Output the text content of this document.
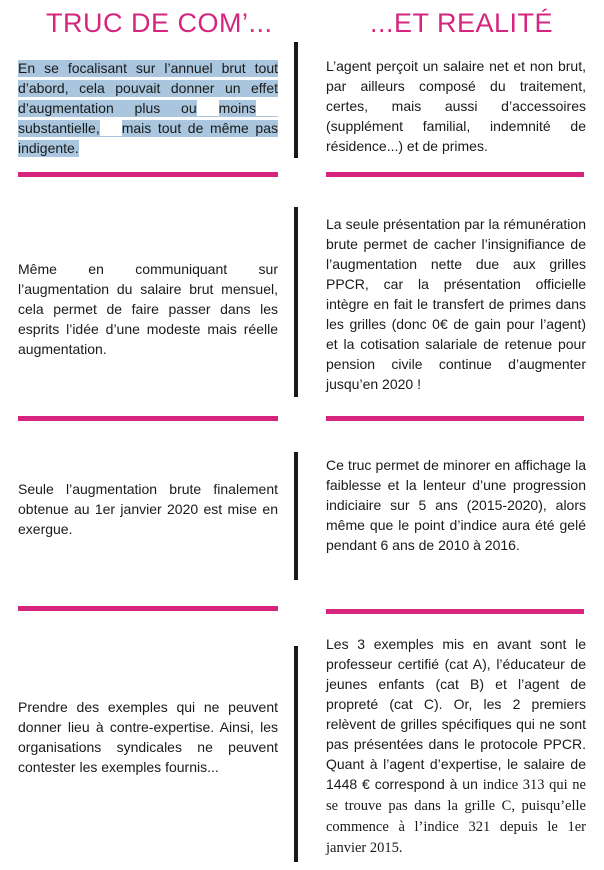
TRUC DE COM’...	...ET REALITÉ

En se focalisant sur l’annuel brut tout d’abord, cela pouvait donner un effet d’augmentation plus ou moinssubstantielle, mais tout de même pas indigente.

L’agent perçoit un salaire net et non brut, par ailleurs composé du traitement, certes, mais aussi d’accessoires (supplément familial, indemnité de résidence...) et de primes.

Même en communiquant sur l’augmentation du salaire brut mensuel, cela permet de faire passer dans les esprits l’idée d’une modeste mais réelle augmentation.

La seule présentation par la rémunération brute permet de cacher l’insignifiance de l’augmentation nette due aux grilles PPCR, car la présentation officielle intègre en fait le transfert de primes dans les grilles (donc 0€ de gain pour l’agent) et la cotisation salariale de retenue pour pension civile continue d’augmenter jusqu’en 2020 !

Seule l’augmentation brute finalement obtenue au 1er janvier 2020 est mise en exergue.

Ce truc permet de minorer en affichage la faiblesse et la lenteur d’une progression indiciaire sur 5 ans (2015-2020), alors même que le point d’indice aura été gelé pendant 6 ans de 2010 à 2016.

Prendre des exemples qui ne peuvent donner lieu à contre-expertise. Ainsi, les organisations syndicales ne peuvent contester les exemples fournis...

Les 3 exemples mis en avant sont le professeur certifié (cat A), l’éducateur de jeunes enfants (cat B) et l’agent de propreté (cat C). Or, les 2 premiers relèvent de grilles spécifiques qui ne sont pas présentées dans le protocole PPCR. Quant à l’agent d’expertise, le salaire de 1448 € correspond à un indice 313 qui ne se trouve pas dans la grille C, puisqu’elle commence à l’indice 321 depuis le 1er janvier 2015.
